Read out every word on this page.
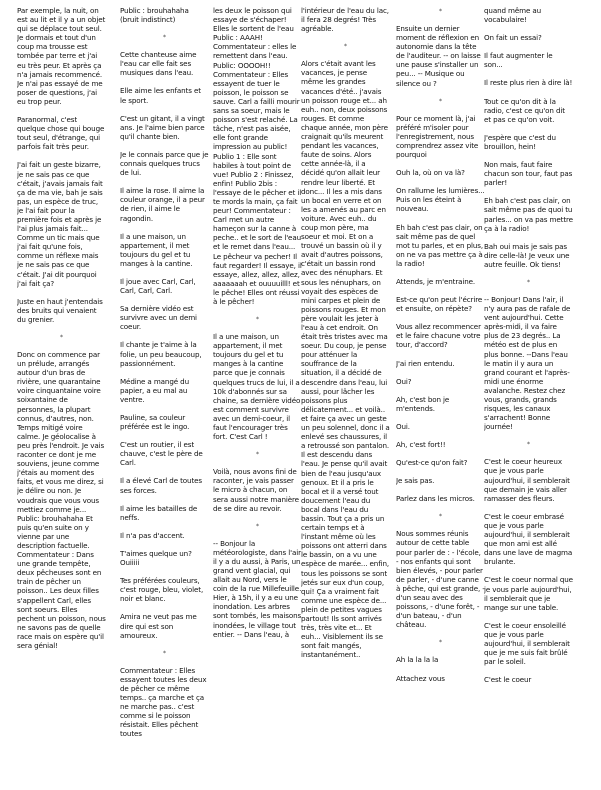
Par exemple, la nuit, on est au lit et il y a un objet qui se déplace tout seul. Je dormais et tout d'un coup ma trousse est tombée par terre et j'ai eu très peur. Et après ça n'a jamais recommencé. Je n'ai pas essayé de me poser de questions, j'ai eu trop peur.

Paranormal, c'est quelque chose qui bouge tout seul, d'étrange, qui parfois fait très peur.

J'ai fait un geste bizarre, je ne sais pas ce que c'était, j'avais jamais fait ça de ma vie, bah je sais pas, un espèce de truc, je l'ai fait pour la première fois et après je l'ai plus jamais fait... Comme un tic mais que j'ai fait qu'une fois, comme un réflexe mais je ne sais pas ce que c'était. J'ai dit pourquoi j'ai fait ça?

Juste en haut j'entendais des bruits qui venaient du grenier.

*

Donc on commence par un prélude, arrangés autour d'un bras de rivière, une quarantaine voire cinquantaine voire soixantaine de personnes, la plupart connus, d'autres, non. Temps mitigé voire calme. Je géolocalise à peu près l'endroit. Je vais raconter ce dont je me souviens, jeune comme j'étais au moment des faits, et vous me direz, si je délire ou non. Je voudrais que vous vous mettiez comme je... Public: brouhahaha Et puis qu'en suite on y vienne par une description factuelle. Commentateur : Dans une grande tempête, deux pêcheuses sont en train de pêcher un poisson.. Les deux filles s'appellent Carl, elles sont soeurs. Elles pechent un poisson, nous ne savons pas de quelle race mais on espère qu'il sera génial!

Public : brouhahaha (bruit indistinct)

*

Cette chanteuse aime l'eau car elle fait ses musiques dans l'eau.

Elle aime les enfants et le sport.

C'est un gitant, il a vingt ans. Je l'aime bien parce qu'il chante bien.

Je le connais parce que je connais quelques trucs de lui.

Il aime la rose. Il aime la couleur orange, il a peur de rien, il aime le ragondin.

Il a une maison, un appartement, il met toujours du gel et tu manges à la cantine.

Il joue avec Carl, Carl, Carl, Carl, Carl.

Sa dernière vidéo est survivre avec un demi coeur.

Il chante je t'aime à la folie, un peu beaucoup, passionnément.

Médine a mangé du papier, a eu mal au ventre.

Pauline, sa couleur préférée est le ingo.

C'est un routier, il est chauve, c'est le père de Carl.

Il a élevé Carl de toutes ses forces.

Il aime les batailles de neffs.

Il n'a pas d'accent.

T'aimes quelque un? Ouiiiii

Tes préférées couleurs, c'est rouge, bleu, violet, noir et blanc.

Amira ne veut pas me dire qui est son amoureux.

*

Commentateur : Elles essayent toutes les deux de pêcher ce même temps.. ça marche et ça ne marche pas.. c'est comme si le poisson résistait. Elles pêchent toutes

les deux le poisson qui essaye de s'échaper! Elles le sortent de l'eau Public : AAAH! Commentateur : elles le remettent dans l'eau. Public: OOOOH!! Commentateur : Elles essayent de tuer le poisson, le poisson se sauve. Carl a failli mourir sans sa soeur, mais le poisson s'est relaché. La tâche, n'est pas aisée, elle font grande impression au public! Publio 1 : Elle sont habiles à tout point de vue! Publio 2 : Finissez, enfin! Publio 2bis : l'essaye de le pêcher et il te mords la main, ça fait peur! Commentateur : Carl met un autre hameçon sur la canne à peche.. et le sort de l'eau et le remet dans l'eau... Le pêcheur va pecher! Il faut regarder! Il essaye, il essaye, allez, allez, allez, aaaaaaah et ouuuuilll! et le pêche! Elles ont réussi à le pêcher!

*

Il a une maison, un appartement, il met toujours du gel et tu manges à la cantine parce que je connais quelques trucs de lui, il a 10k d'abonnés sur sa chaine, sa dernière vidéo est comment survivre avec un demi-coeur, il faut l'encourager très fort. C'est Carl !

*

Voilà, nous avons fini de raconter, je vais passer le micro à chacun, on sera aussi notre manière de se dire au revoir.

*

-- Bonjour la météorologiste, dans l'air il y a du aussi, à Paris, un grand vent glacial, qui allait au Nord, vers le coin de la rue Millefeuille. Hier, à 15h, il y a eu une inondation. Les arbres sont tombés, les maisons inondées, le village tout entier. -- Dans l'eau, à

l'intérieur de l'eau du lac, il fera 28 degrés! Très agréable.

*

Alors c'était avant les vacances, je pense même les grandes vacances d'été.. j'avais un poisson rouge et... ah euh.. non, deux poissons rouges. Et comme chaque année, mon père craignait qu'ils meurent pendant les vacances, faute de soins. Alors cette année-là, il a décidé qu'on allait leur rendre leur liberté. Et donc... Il les a mis dans un bocal en verre et on les a amenés au parc en voiture. Avec euh.. du coup mon père, ma soeur et moi. Et on a trouvé un bassin où il y avait d'autres poissons, c'était un bassin rond avec des nénuphars. Et sous les nénuphars, on voyait des espèces de mini carpes et plein de poissons rouges. Et mon père voulait les jeter à l'eau à cet endroit. On était très tristes avec ma soeur. Du coup, je pense pour atténuer la souffrance de la situation, il a décidé de descendre dans l'eau, lui aussi, pour lâcher les poissons plus délicatement... et voilà.. et faire ça avec un geste un peu solennel, donc il a enlevé ses chaussures, il a retroussé son pantalon. Il est descendu dans l'eau. Je pense qu'il avait bien de l'eau jusqu'aux genoux. Et il a pris le bocal et il a versé tout doucement l'eau du bocal dans l'eau du bassin. Tout ça a pris un certain temps et à l'instant même où les poissons ont atterri dans le bassin, on a vu une espèce de marée... enfin, tous les poissons se sont jetés sur eux d'un coup, qui! Ça a vraiment fait comme une espèce de... plein de petites vagues partout! Ils sont arrivés très, très vite et... Et euh... Visiblement ils se sont fait mangés, instantanément..

*

Ensuite un dernier moment de réflexion en autonomie dans la tête de l'auditeur. -- on laisse une pause s'installer un peu... -- Musique ou silence ou ?

*

Pour ce moment là, j'ai préféré m'isoler pour l'enregistrement, nous comprendrez assez vite pourquoi

Ouh la, où on va là?

On rallume les lumières... Puis on les éteint à nouveau.

Eh bah c'est pas clair, on sait même pas de quel mot tu parles, et en plus, on ne va pas mettre ça à la radio!

Attends, je m'entraine.

Est-ce qu'on peut l'écrire et ensuite, on répète?

Vous allez recommencer et le faire chacune votre tour, d'accord?

J'ai rien entendu.

Oui?

Ah, c'est bon je m'entends.

Oui.

Ah, c'est fort!!

Qu'est-ce qu'on fait?

Je sais pas.

Parlez dans les micros.

*

Nous sommes réunis autour de cette table pour parler de : - l'école, - nos enfants qui sont bien élevés, - pour parler de parler, - d'une canne à pêche, qui est grande, - d'un seau avec des poissons, - d'une forêt, - d'un bateau, - d'un château.

*

Ah la la la la

Attachez vous

quand même au vocabulaire!

On fait un essai?

Il faut augmenter le son...

Il reste plus rien à dire là!

Tout ce qu'on dit à la radio, c'est ce qu'on dit et pas ce qu'on voit.

J'espère que c'est du brouillon, hein!

Non mais, faut faire chacun son tour, faut pas parler!

Eh bah c'est pas clair, on sait même pas de quoi tu parles... on va pas mettre ça à la radio!

Bah oui mais je sais pas dire celle-là! Je veux une autre feuille. Ok tiens!

*

-- Bonjour! Dans l'air, il n'y aura pas de rafale de vent aujourd'hui. Cette après-midi, il va faire plus de 23 degrés.. La météo est de plus en plus bonne. --Dans l'eau le matin il y aura un grand courant et l'après-midi une énorme avalanche. Restez chez vous, grands, grands risques, les canaux s'arrachent! Bonne journée!

*

C'est le coeur heureux que je vous parle aujourd'hui, il semblerait que demain je vais aller ramasser des fleurs.

C'est le coeur embrasé que je vous parle aujourd'hui, il semblerait que mon ami est allé dans une lave de magma brulante.

C'est le coeur normal que je vous parle aujourd'hui, il semblerait que je mange sur une table.

C'est le coeur ensoleillé que je vous parle aujourd'hui, il semblerait que je me suis fait brûlé par le soleil.

C'est le coeur
